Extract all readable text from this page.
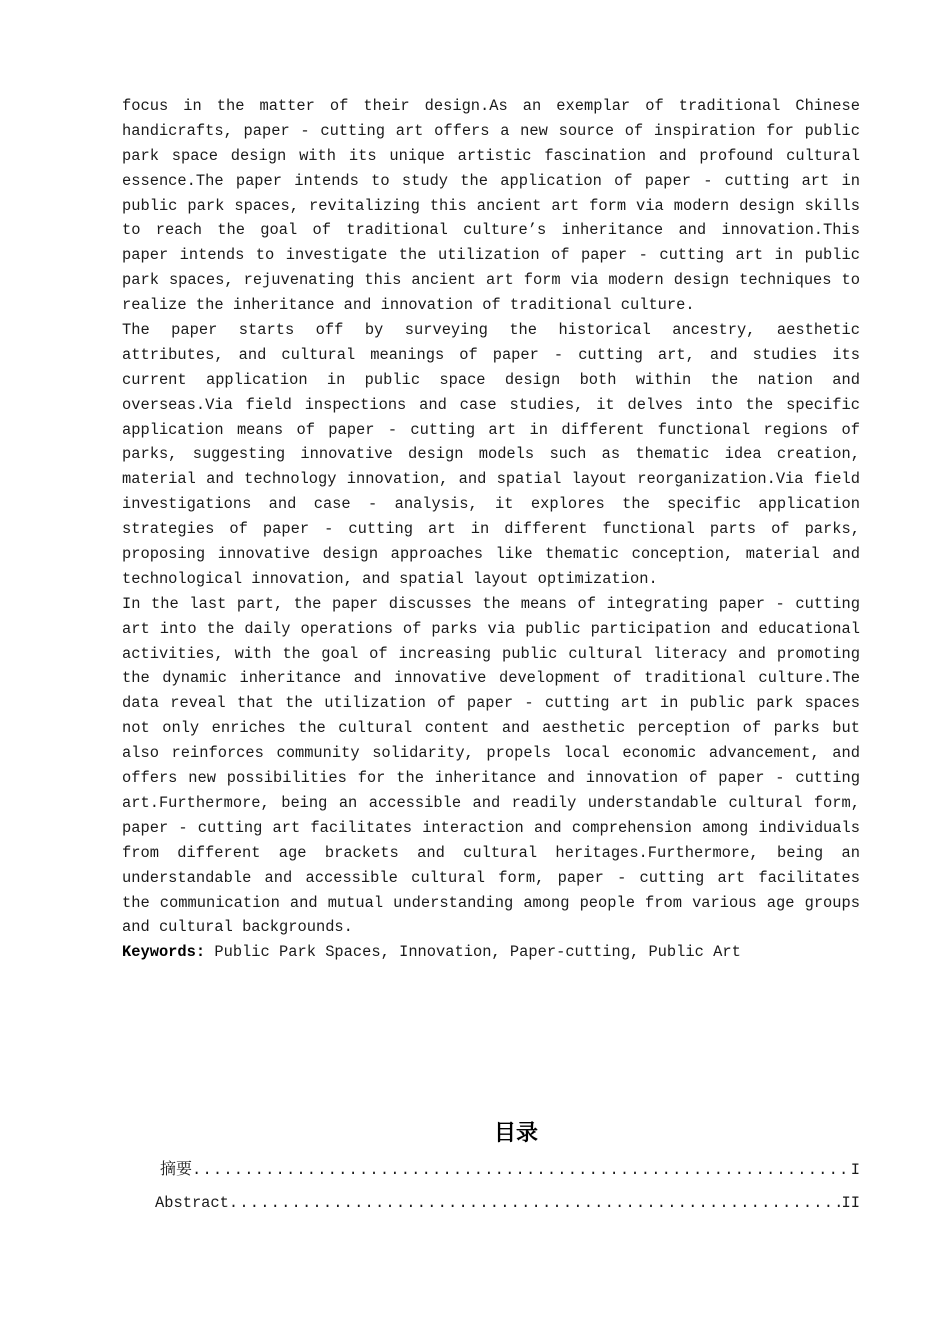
focus in the matter of their design.As an exemplar of traditional Chinese
handicrafts, paper - cutting art offers a new source of inspiration for public
park space design with its unique artistic fascination and profound cultural
essence.The paper intends to study the application of paper - cutting art in
public park spaces, revitalizing this ancient art form via modern design skills
to reach the goal of traditional culture’s inheritance and innovation.This
paper intends to investigate the utilization of paper - cutting art in public
park spaces, rejuvenating this ancient art form via modern design techniques to
realize the inheritance and innovation of traditional culture.
The paper starts off by surveying the historical ancestry, aesthetic
attributes, and cultural meanings of paper - cutting art, and studies its
current application in public space design both within the nation and
overseas.Via field inspections and case studies, it delves into the specific
application means of paper - cutting art in different functional regions of
parks, suggesting innovative design models such as thematic idea creation,
material and technology innovation, and spatial layout reorganization.Via field
investigations and case - analysis, it explores the specific application
strategies of paper - cutting art in different functional parts of parks,
proposing innovative design approaches like thematic conception, material and
technological innovation, and spatial layout optimization.
In the last part, the paper discusses the means of integrating paper - cutting
art into the daily operations of parks via public participation and educational
activities, with the goal of increasing public cultural literacy and promoting
the dynamic inheritance and innovative development of traditional culture.The
data reveal that the utilization of paper - cutting art in public park spaces
not only enriches the cultural content and aesthetic perception of parks but
also reinforces community solidarity, propels local economic advancement, and
offers new possibilities for the inheritance and innovation of paper - cutting
art.Furthermore, being an accessible and readily understandable cultural form,
paper - cutting art facilitates interaction and comprehension among individuals
from different age brackets and cultural heritages.Furthermore, being an
understandable and accessible cultural form, paper - cutting art facilitates
the communication and mutual understanding among people from various age groups
and cultural backgrounds.
Keywords: Public Park Spaces, Innovation, Paper-cutting, Public Art
目录
摘要 .....	I
Abstract .....	II
